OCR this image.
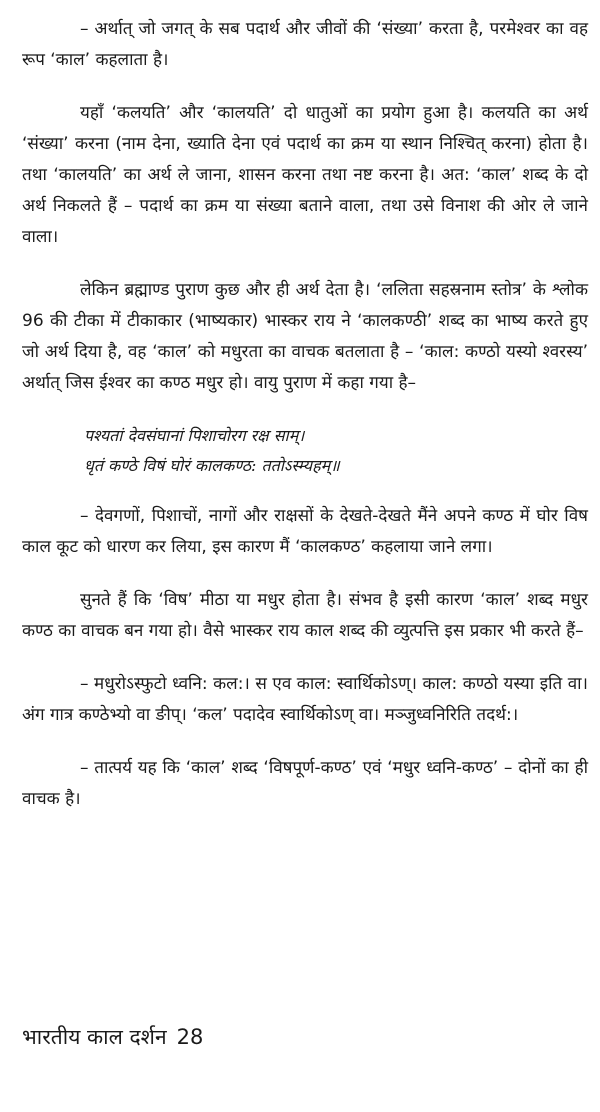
– अर्थात् जो जगत् के सब पदार्थ और जीवों की ‘संख्या’ करता है, परमेश्वर का वह रूप ‘काल’ कहलाता है।

यहाँ ‘कलयति’ और ‘कालयति’ दो धातुओं का प्रयोग हुआ है। कलयति का अर्थ ‘संख्या’ करना (नाम देना, ख्याति देना एवं पदार्थ का क्रम या स्थान निश्चित् करना) होता है। तथा ‘कालयति’ का अर्थ ले जाना, शासन करना तथा नष्ट करना है। अत: ‘काल’ शब्द के दो अर्थ निकलते हैं – पदार्थ का क्रम या संख्या बताने वाला, तथा उसे विनाश की ओर ले जाने वाला।

लेकिन ब्रह्माण्ड पुराण कुछ और ही अर्थ देता है। ‘ललिता सहस्रनाम स्तोत्र’ के श्लोक 96 की टीका में टीकाकार (भाष्यकार) भास्कर राय ने ‘कालकण्ठी’ शब्द का भाष्य करते हुए जो अर्थ दिया है, वह ‘काल’ को मधुरता का वाचक बतलाता है – ‘काल: कण्ठो यस्यो श्वरस्य’ अर्थात् जिस ईश्वर का कण्ठ मधुर हो। वायु पुराण में कहा गया है–

पश्यतां देवसंघानां पिशाचोरग रक्ष साम्।
धृतं कण्ठे विषं घोरं कालकण्ठ: ततोऽस्म्यहम्॥

– देवगणों, पिशाचों, नागों और राक्षसों के देखते-देखते मैंने अपने कण्ठ में घोर विष काल कूट को धारण कर लिया, इस कारण मैं ‘कालकण्ठ’ कहलाया जाने लगा।

सुनते हैं कि ‘विष’ मीठा या मधुर होता है। संभव है इसी कारण ‘काल’ शब्द मधुर कण्ठ का वाचक बन गया हो। वैसे भास्कर राय काल शब्द की व्युत्पत्ति इस प्रकार भी करते हैं–

– मधुरोऽस्फुटो ध्वनि: कल:। स एव काल: स्वार्थिकोऽण्। काल: कण्ठो यस्या इति वा। अंग गात्र कण्ठेभ्यो वा ङीप्। ‘कल’ पदादेव स्वार्थिकोऽण् वा। मञ्जुध्वनिरिति तदर्थ:।

– तात्पर्य यह कि ‘काल’ शब्द ‘विषपूर्ण-कण्ठ’ एवं ‘मधुर ध्वनि-कण्ठ’ – दोनों का ही वाचक है।

भारतीय काल दर्शन 28
